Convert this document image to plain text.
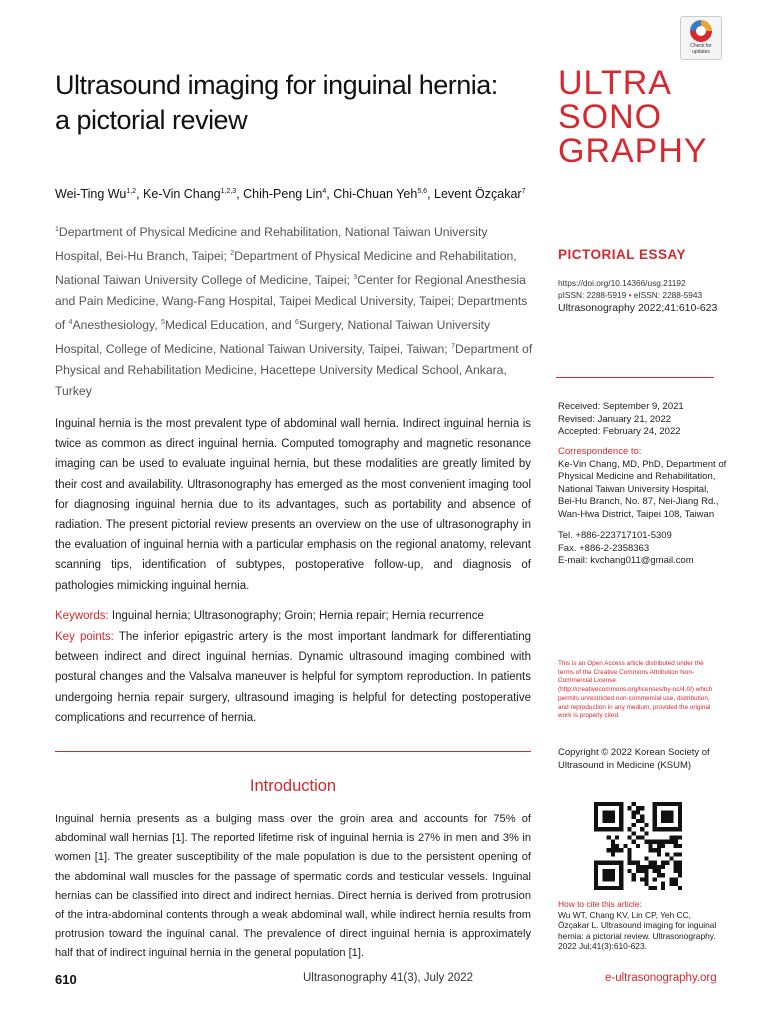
Check for updates
Ultrasound imaging for inguinal hernia:
a pictorial review
ULTRA
SONO
GRAPHY
Wei-Ting Wu$^{1,2}$, Ke-Vin Chang$^{1,2,3}$, Chih-Peng Lin$^4$, Chi-Chuan Yeh$^{5,6}$, Levent Özçakar$^7$
$^1$Department of Physical Medicine and Rehabilitation, National Taiwan University Hospital, Bei-Hu Branch, Taipei; $^2$Department of Physical Medicine and Rehabilitation, National Taiwan University College of Medicine, Taipei; $^3$Center for Regional Anesthesia and Pain Medicine, Wang-Fang Hospital, Taipei Medical University, Taipei; Departments of $^4$Anesthesiology, $^5$Medical Education, and $^6$Surgery, National Taiwan University Hospital, College of Medicine, National Taiwan University, Taipei, Taiwan; $^7$Department of Physical and Rehabilitation Medicine, Hacettepe University Medical School, Ankara, Turkey
PICTORIAL ESSAY
https://doi.org/10.14366/usg.21192
pISSN: 2288-5919 • eISSN: 2288-5943
Ultrasonography 2022;41:610-623

Inguinal hernia is the most prevalent type of abdominal wall hernia. Indirect inguinal hernia is twice as common as direct inguinal hernia. Computed tomography and magnetic resonance imaging can be used to evaluate inguinal hernia, but these modalities are greatly limited by their cost and availability. Ultrasonography has emerged as the most convenient imaging tool for diagnosing inguinal hernia due to its advantages, such as portability and absence of radiation. The present pictorial review presents an overview on the use of ultrasonography in the evaluation of inguinal hernia with a particular emphasis on the regional anatomy, relevant scanning tips, identification of subtypes, postoperative follow-up, and diagnosis of pathologies mimicking inguinal hernia.

Keywords: Inguinal hernia; Ultrasonography; Groin; Hernia repair; Hernia recurrence

Key points: The inferior epigastric artery is the most important landmark for differentiating between indirect and direct inguinal hernias. Dynamic ultrasound imaging combined with postural changes and the Valsalva maneuver is helpful for symptom reproduction. In patients undergoing hernia repair surgery, ultrasound imaging is helpful for detecting postoperative complications and recurrence of hernia.

Received: September 9, 2021
Revised: January 21, 2022
Accepted: February 24, 2022
Correspondence to:
Ke-Vin Chang, MD, PhD, Department of Physical Medicine and Rehabilitation, National Taiwan University Hospital, Bei-Hu Branch, No. 87, Nei-Jiang Rd., Wan-Hwa District, Taipei 108, Taiwan
Tel. +886-223717101-5309
Fax. +886-2-2358363
E-mail: kvchang011@gmail.com
This is an Open Access article distributed under the terms of the Creative Commons Attribution Non-Commercial License (http://creativecommons.org/licenses/by-nc/4.0/) which permits unrestricted non-commercial use, distribution, and reproduction in any medium, provided the original work is properly cited.
Copyright © 2022 Korean Society of Ultrasound in Medicine (KSUM)
Introduction

Inguinal hernia presents as a bulging mass over the groin area and accounts for 75% of abdominal wall hernias [1]. The reported lifetime risk of inguinal hernia is 27% in men and 3% in women [1]. The greater susceptibility of the male population is due to the persistent opening of the abdominal wall muscles for the passage of spermatic cords and testicular vessels. Inguinal hernias can be classified into direct and indirect hernias. Direct hernia is derived from protrusion of the intra-abdominal contents through a weak abdominal wall, while indirect hernia results from protrusion toward the inguinal canal. The prevalence of direct inguinal hernia is approximately half that of indirect inguinal hernia in the general population [1].

How to cite this article:
Wu WT, Chang KV, Lin CP, Yeh CC, Özçakar L. Ultrasound imaging for inguinal hernia: a pictorial review. Ultrasonography. 2022 Jul;41(3):610-623.
610	Ultrasonography 41(3), July 2022	e-ultrasonography.org
